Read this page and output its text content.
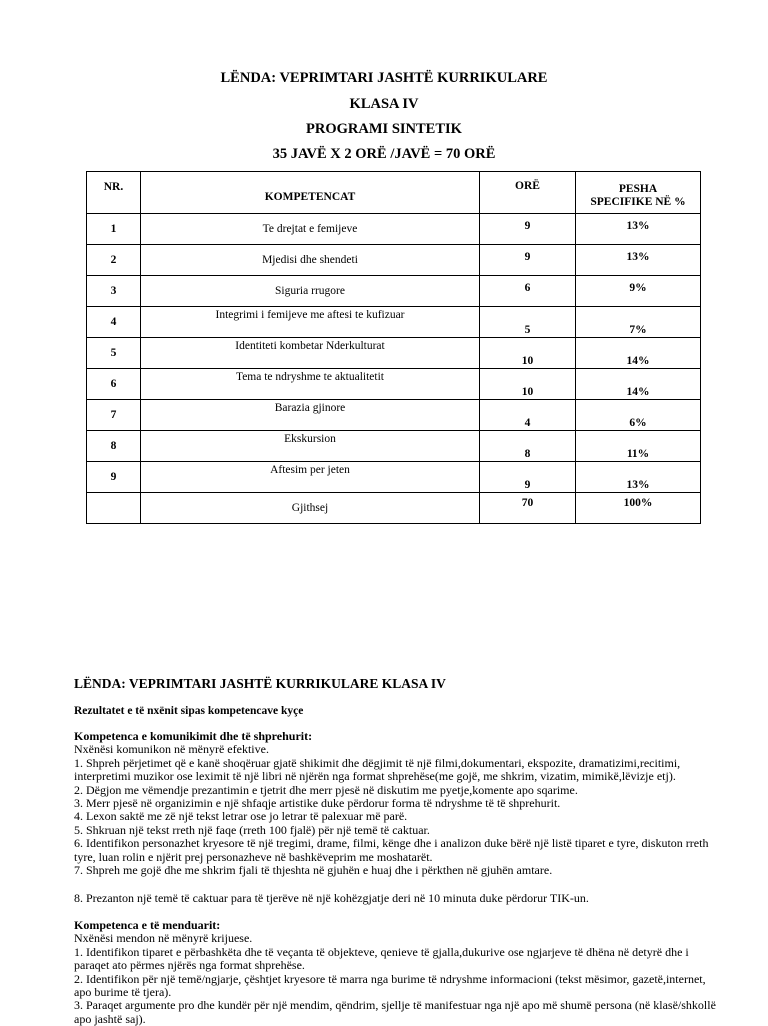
LËNDA: VEPRIMTARI JASHTË KURRIKULARE
KLASA IV
PROGRAMI SINTETIK
35 JAVË X 2 ORË /JAVË = 70 ORË
NR.	KOMPETENCAT	ORË	PESHA
SPECIFIKE NË %
1	Te drejtat e femijeve	9	13%
2	Mjedisi dhe shendeti	9	13%
3	Siguria rrugore	6	9%
4	Integrimi i femijeve me aftesi te kufizuar	5	7%
5	Identiteti kombetar Nderkulturat	10	14%
6	Tema te ndryshme te aktualitetit	10	14%
7	Barazia gjinore	4	6%
8	Ekskursion	8	11%
9	Aftesim per jeten	9	13%
	Gjithsej	70	100%

LËNDA: VEPRIMTARI JASHTË KURRIKULARE KLASA IV

Rezultatet e të nxënit sipas kompetencave kyçe

Kompetenca e komunikimit dhe të shprehurit:

Nxënësi komunikon në mënyrë efektive.

1. Shpreh përjetimet që e kanë shoqëruar gjatë shikimit dhe dëgjimit të një filmi,dokumentari, ekspozite, dramatizimi,recitimi,

interpretimi muzikor ose leximit të një libri në njërën nga format shprehëse(me gojë, me shkrim, vizatim, mimikë,lëvizje etj).

2. Dëgjon me vëmendje prezantimin e tjetrit dhe merr pjesë në diskutim me pyetje,komente apo sqarime.

3. Merr pjesë në organizimin e një shfaqje artistike duke përdorur forma të ndryshme të të shprehurit.

4. Lexon saktë me zë një tekst letrar ose jo letrar të palexuar më parë.

5. Shkruan një tekst rreth një faqe (rreth 100 fjalë) për një temë të caktuar.

6. Identifikon personazhet kryesore të një tregimi, drame, filmi, kënge dhe i analizon duke bërë një listë tiparet e tyre, diskuton rreth

tyre, luan rolin e njërit prej personazheve në bashkëveprim me moshatarët.

7. Shpreh me gojë dhe me shkrim fjali të thjeshta në gjuhën e huaj dhe i përkthen në gjuhën amtare.

8. Prezanton një temë të caktuar para të tjerëve në një kohëzgjatje deri në 10 minuta duke përdorur TIK-un.

Kompetenca e të menduarit:

Nxënësi mendon në mënyrë krijuese.

1. Identifikon tiparet e përbashkëta dhe të veçanta të objekteve, qenieve të gjalla,dukurive ose ngjarjeve të dhëna në detyrë dhe i

paraqet ato përmes njërës nga format shprehëse.

2. Identifikon për një temë/ngjarje, çështjet kryesore të marra nga burime të ndryshme informacioni (tekst mësimor, gazetë,internet,

apo burime të tjera).

3. Paraqet argumente pro dhe kundër për një mendim, qëndrim, sjellje të manifestuar nga një apo më shumë persona (në klasë/shkollë

apo jashtë saj).
